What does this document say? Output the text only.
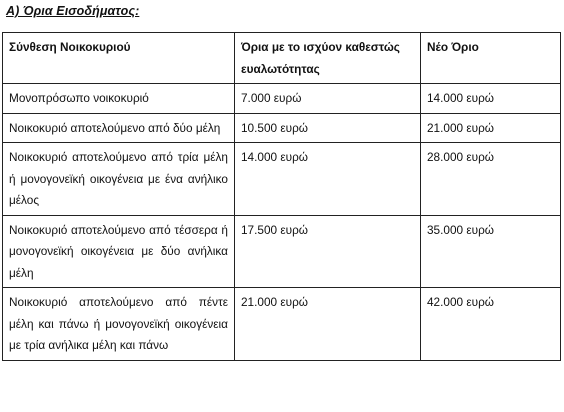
Α) Όρια Εισοδήματος:
Σύνθεση Νοικοκυριού	Όρια με το ισχύον καθεστώς ευαλωτότητας	Νέο Όριο
Μονοπρόσωπο νοικοκυριό	7.000 ευρώ	14.000 ευρώ
Νοικοκυριό αποτελούμενο από δύο μέλη	10.500 ευρώ	21.000 ευρώ
Νοικοκυριό αποτελούμενο από τρία μέλη ή μονογονεϊκή οικογένεια με ένα ανήλικο μέλος	14.000 ευρώ	28.000 ευρώ
Νοικοκυριό αποτελούμενο από τέσσερα ή μονογονεϊκή οικογένεια με δύο ανήλικα μέλη	17.500 ευρώ	35.000 ευρώ
Νοικοκυριό αποτελούμενο από πέντε μέλη και πάνω ή μονογονεϊκή οικογένεια με τρία ανήλικα μέλη και πάνω	21.000 ευρώ	42.000 ευρώ
